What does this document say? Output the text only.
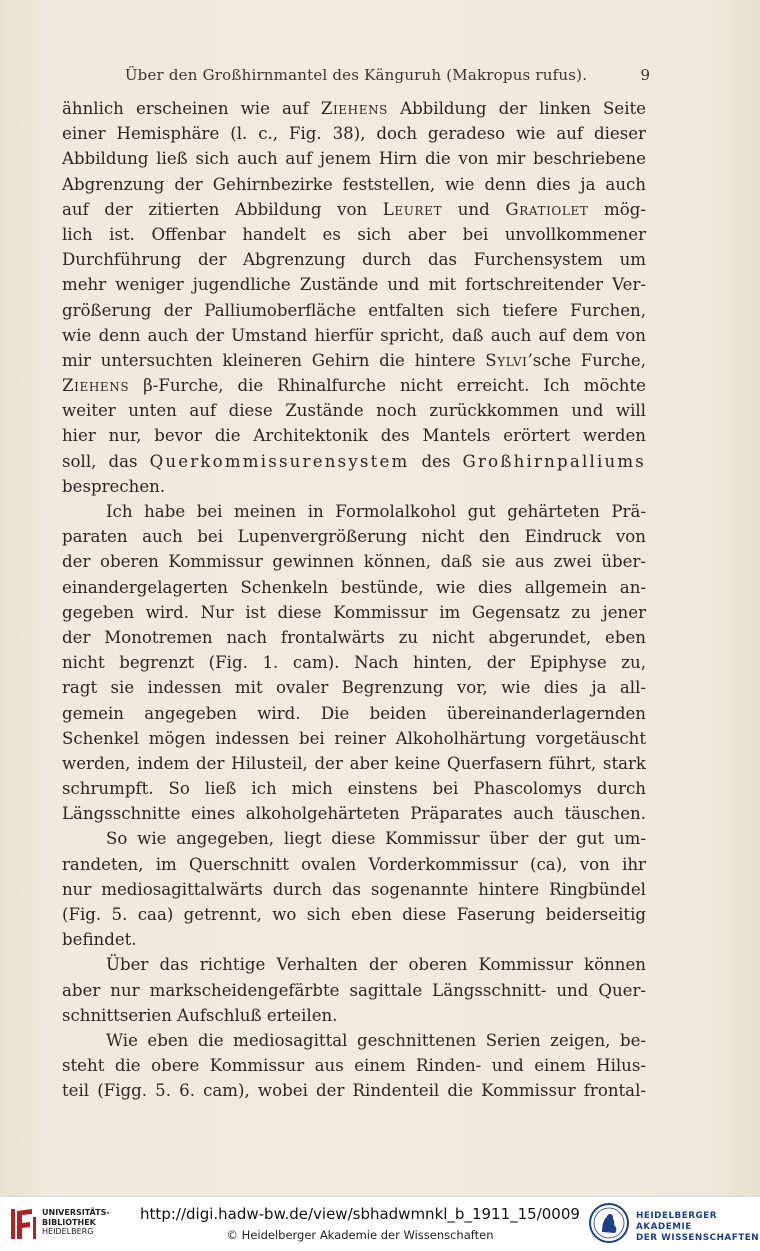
Über den Großhirnmantel des Känguruh (Makropus rufus).	9
ähnlich erscheinen wie auf Ziehens Abbildung der linken Seite
einer Hemisphäre (l. c., Fig. 38), doch geradeso wie auf dieser
Abbildung ließ sich auch auf jenem Hirn die von mir beschriebene
Abgrenzung der Gehirnbezirke feststellen, wie denn dies ja auch
auf der zitierten Abbildung von Leuret und Gratiolet mög-
lich ist. Offenbar handelt es sich aber bei unvollkommener
Durchführung der Abgrenzung durch das Furchensystem um
mehr weniger jugendliche Zustände und mit fortschreitender Ver-
größerung der Palliumoberfläche entfalten sich tiefere Furchen,
wie denn auch der Umstand hierfür spricht, daß auch auf dem von
mir untersuchten kleineren Gehirn die hintere Sylvi’sche Furche,
Ziehens β-Furche, die Rhinalfurche nicht erreicht. Ich möchte
weiter unten auf diese Zustände noch zurückkommen und will
hier nur, bevor die Architektonik des Mantels erörtert werden
soll, das Querkommissurensystem des Großhirnpalliums
besprechen.
Ich habe bei meinen in Formolalkohol gut gehärteten Prä-
paraten auch bei Lupenvergrößerung nicht den Eindruck von
der oberen Kommissur gewinnen können, daß sie aus zwei über-
einandergelagerten Schenkeln bestünde, wie dies allgemein an-
gegeben wird. Nur ist diese Kommissur im Gegensatz zu jener
der Monotremen nach frontalwärts zu nicht abgerundet, eben
nicht begrenzt (Fig. 1. cam). Nach hinten, der Epiphyse zu,
ragt sie indessen mit ovaler Begrenzung vor, wie dies ja all-
gemein angegeben wird. Die beiden übereinanderlagernden
Schenkel mögen indessen bei reiner Alkoholhärtung vorgetäuscht
werden, indem der Hilusteil, der aber keine Querfasern führt, stark
schrumpft. So ließ ich mich einstens bei Phascolomys durch
Längsschnitte eines alkoholgehärteten Präparates auch täuschen.
So wie angegeben, liegt diese Kommissur über der gut um-
randeten, im Querschnitt ovalen Vorderkommissur (ca), von ihr
nur mediosagittalwärts durch das sogenannte hintere Ringbündel
(Fig. 5. caa) getrennt, wo sich eben diese Faserung beiderseitig
befindet.
Über das richtige Verhalten der oberen Kommissur können
aber nur markscheidengefärbte sagittale Längsschnitt- und Quer-
schnittserien Aufschluß erteilen.
Wie eben die mediosagittal geschnittenen Serien zeigen, be-
steht die obere Kommissur aus einem Rinden- und einem Hilus-
teil (Figg. 5. 6. cam), wobei der Rindenteil die Kommissur frontal-
UNIVERSITÄTS-
BIBLIOTHEK
HEIDELBERG
http://digi.hadw-bw.de/view/sbhadwmnkl_b_1911_15/0009
© Heidelberger Akademie der Wissenschaften
HEIDELBERGER AKADEMIE
DER WISSENSCHAFTEN
